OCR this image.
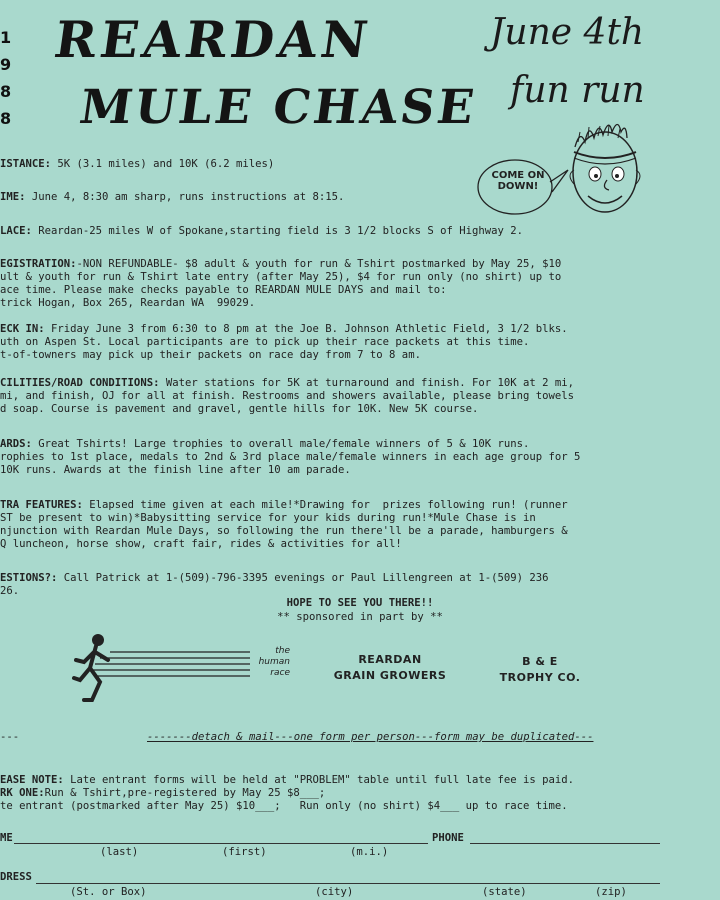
1
9
8
8
REARDAN
MULE CHASE
June 4th
fun run
COME ON DOWN!
ISTANCE: 5K (3.1 miles) and 10K (6.2 miles)
IME: June 4, 8:30 am sharp, runs instructions at 8:15.
LACE: Reardan-25 miles W of Spokane,starting field is 3 1/2 blocks S of Highway 2.
EGISTRATION:-NON REFUNDABLE- $8 adult & youth for run & Tshirt postmarked by May 25, $10
ult & youth for run & Tshirt late entry (after May 25), $4 for run only (no shirt) up to
ace time. Please make checks payable to REARDAN MULE DAYS and mail to:
trick Hogan, Box 265, Reardan WA  99029.
ECK IN: Friday June 3 from 6:30 to 8 pm at the Joe B. Johnson Athletic Field, 3 1/2 blks.
uth on Aspen St. Local participants are to pick up their race packets at this time.
t-of-towners may pick up their packets on race day from 7 to 8 am.
CILITIES/ROAD CONDITIONS: Water stations for 5K at turnaround and finish. For 10K at 2 mi,
mi, and finish, OJ for all at finish. Restrooms and showers available, please bring towels
d soap. Course is pavement and gravel, gentle hills for 10K. New 5K course.
ARDS: Great Tshirts! Large trophies to overall male/female winners of 5 & 10K runs.
rophies to 1st place, medals to 2nd & 3rd place male/female winners in each age group for 5
10K runs. Awards at the finish line after 10 am parade.
TRA FEATURES: Elapsed time given at each mile!*Drawing for  prizes following run! (runner
ST be present to win)*Babysitting service for your kids during run!*Mule Chase is in
njunction with Reardan Mule Days, so following the run there'll be a parade, hamburgers &
Q luncheon, horse show, craft fair, rides & activities for all!
ESTIONS?: Call Patrick at 1-(509)-796-3395 evenings or Paul Lillengreen at 1-(509) 236
26.
HOPE TO SEE YOU THERE!!
** sponsored in part by **
the
human
race
REARDAN
GRAIN GROWERS
B & E
TROPHY CO.
---	-------detach & mail---one form per person---form may be duplicated---
EASE NOTE: Late entrant forms will be held at "PROBLEM" table until full late fee is paid.
RK ONE:Run & Tshirt,pre-registered by May 25 $8___;
te entrant (postmarked after May 25) $10___;   Run only (no shirt) $4___ up to race time.
ME	PHONE
(last)	(first)	(m.i.)
DRESS
(St. or Box)	(city)	(state)	(zip)
